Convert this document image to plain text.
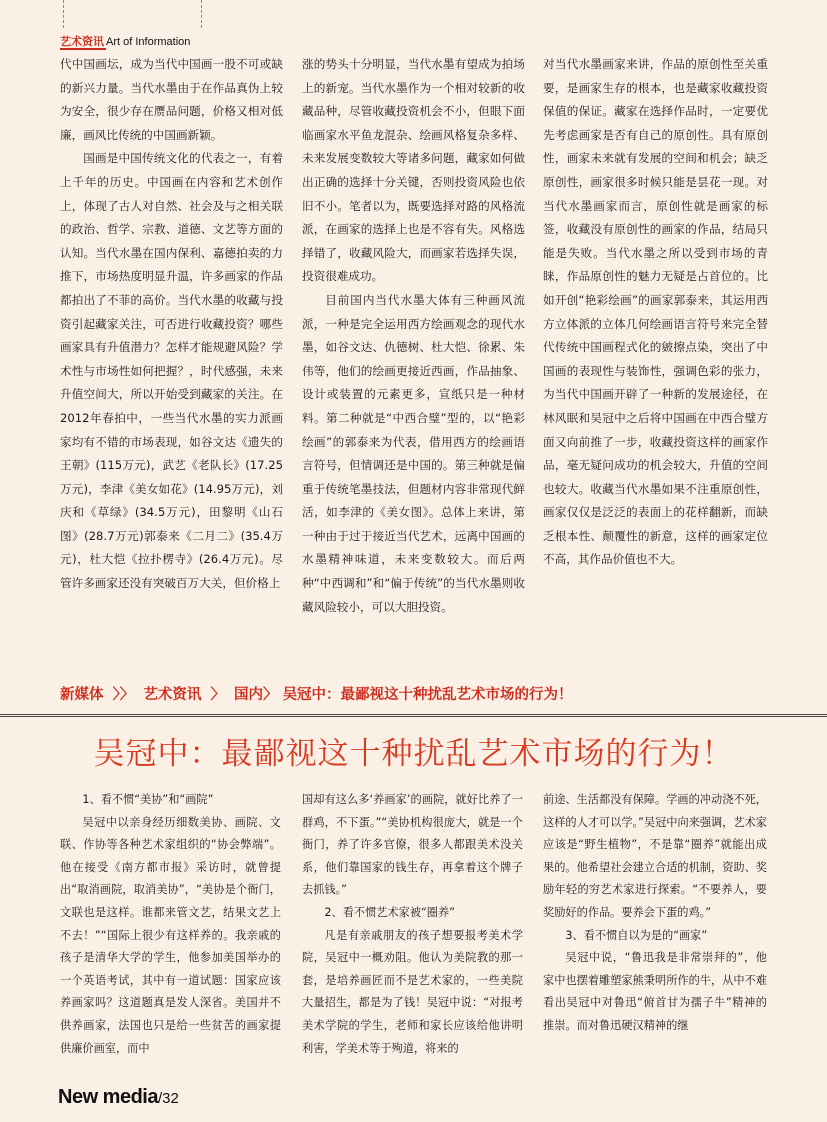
艺术资讯 Art of Information

代中国画坛，成为当代中国画一股不可或缺的新兴力量。当代水墨由于在作品真伪上较为安全，很少存在赝品问题，价格又相对低廉，画风比传统的中国画新颖。

国画是中国传统文化的代表之一，有着上千年的历史。中国画在内容和艺术创作上，体现了古人对自然、社会及与之相关联的政治、哲学、宗教、道德、文艺等方面的认知。当代水墨在国内保利、嘉德拍卖的力推下，市场热度明显升温，许多画家的作品都拍出了不菲的高价。当代水墨的收藏与投资引起藏家关注，可否进行收藏投资？哪些画家具有升值潜力？怎样才能规避风险？学术性与市场性如何把握？，时代感强，未来升值空间大，所以开始受到藏家的关注。在2012年春拍中，一些当代水墨的实力派画家均有不错的市场表现，如谷文达《遗失的王朝》(115万元)，武艺《老队长》(17.25万元)，李津《美女如花》(14.95万元)，刘庆和《草绿》(34.5万元)，田黎明《山石图》(28.7万元)郭泰来《二月二》(35.4万元)，杜大恺《拉扑楞寺》(26.4万元)。尽管许多画家还没有突破百万大关，但价格上

涨的势头十分明显，当代水墨有望成为拍场上的新宠。当代水墨作为一个相对较新的收藏品种，尽管收藏投资机会不小，但眼下面临画家水平鱼龙混杂、绘画风格复杂多样、未来发展变数较大等诸多问题，藏家如何做出正确的选择十分关键，否则投资风险也依旧不小。笔者以为，既要选择对路的风格流派，在画家的选择上也是不容有失。风格选择错了，收藏风险大，而画家若选择失误，投资很难成功。

目前国内当代水墨大体有三种画风流派，一种是完全运用西方绘画观念的现代水墨，如谷文达、仇德树、杜大恺、徐累、朱伟等，他们的绘画更接近西画，作品抽象、设计或装置的元素更多，宣纸只是一种材料。第二种就是“中西合璧”型的，以“艳彩绘画”的郭泰来为代表，借用西方的绘画语言符号，但情调还是中国的。第三种就是偏重于传统笔墨技法，但题材内容非常现代鲜活，如李津的《美女图》。总体上来讲，第一种由于过于接近当代艺术，远离中国画的水墨精神味道，未来变数较大。而后两种“中西调和”和“偏于传统”的当代水墨则收藏风险较小，可以大胆投资。

对当代水墨画家来讲，作品的原创性至关重要，是画家生存的根本，也是藏家收藏投资保值的保证。藏家在选择作品时，一定要优先考虑画家是否有自己的原创性。具有原创性，画家未来就有发展的空间和机会；缺乏原创性，画家很多时候只能是昙花一现。对当代水墨画家而言，原创性就是画家的标签，收藏没有原创性的画家的作品，结局只能是失败。当代水墨之所以受到市场的青睐，作品原创性的魅力无疑是占首位的。比如开创“艳彩绘画”的画家郭泰来，其运用西方立体派的立体几何绘画语言符号来完全替代传统中国画程式化的皴擦点染，突出了中国画的表现性与装饰性，强调色彩的张力，为当代中国画开辟了一种新的发展途径，在林风眠和吴冠中之后将中国画在中西合璧方面又向前推了一步，收藏投资这样的画家作品，毫无疑问成功的机会较大，升值的空间也较大。收藏当代水墨如果不注重原创性，画家仅仅是泛泛的表面上的花样翻新，而缺乏根本性、颠覆性的新意，这样的画家定位不高，其作品价值也不大。

新媒体 〉〉 艺术资讯 〉 国内〉 吴冠中：最鄙视这十种扰乱艺术市场的行为！
吴冠中：最鄙视这十种扰乱艺术市场的行为！

1、看不惯“美协”和“画院”

吴冠中以亲身经历细数美协、画院、文联、作协等各种艺术家组织的“协会弊端”。他在接受《南方都市报》采访时，就曾提出“取消画院，取消美协”，“美协是个衙门，文联也是这样。谁都来管文艺，结果文艺上不去！”“国际上很少有这样养的。我亲戚的孩子是清华大学的学生，他参加美国举办的一个英语考试，其中有一道试题：国家应该养画家吗？这道题真是发人深省。美国并不供养画家，法国也只是给一些贫苦的画家提供廉价画室，而中

国却有这么多‘养画家’的画院，就好比养了一群鸡，不下蛋。”“美协机构很庞大，就是一个衙门，养了许多官僚，很多人都跟美术没关系，他们靠国家的钱生存，再拿着这个牌子去抓钱。”

2、看不惯艺术家被“圈养”

凡是有亲戚朋友的孩子想要报考美术学院，吴冠中一概劝阻。他认为美院教的那一套，是培养画匠而不是艺术家的，一些美院大量招生，都是为了钱！吴冠中说：“对报考美术学院的学生，老师和家长应该给他讲明利害，学美术等于殉道，将来的

前途、生活都没有保障。学画的冲动浇不死，这样的人才可以学。”吴冠中向来强调，艺术家应该是“野生植物”，不是靠“圈养”就能出成果的。他希望社会建立合适的机制，资助、奖励年轻的穷艺术家进行探索。“不要养人，要奖励好的作品。要养会下蛋的鸡。”

3、看不惯自以为是的“画家”

吴冠中说，“鲁迅我是非常崇拜的”，他家中也摆着雕塑家熊秉明所作的牛，从中不难看出吴冠中对鲁迅“俯首甘为孺子牛”精神的推崇。而对鲁迅硬汉精神的继

New media/32
